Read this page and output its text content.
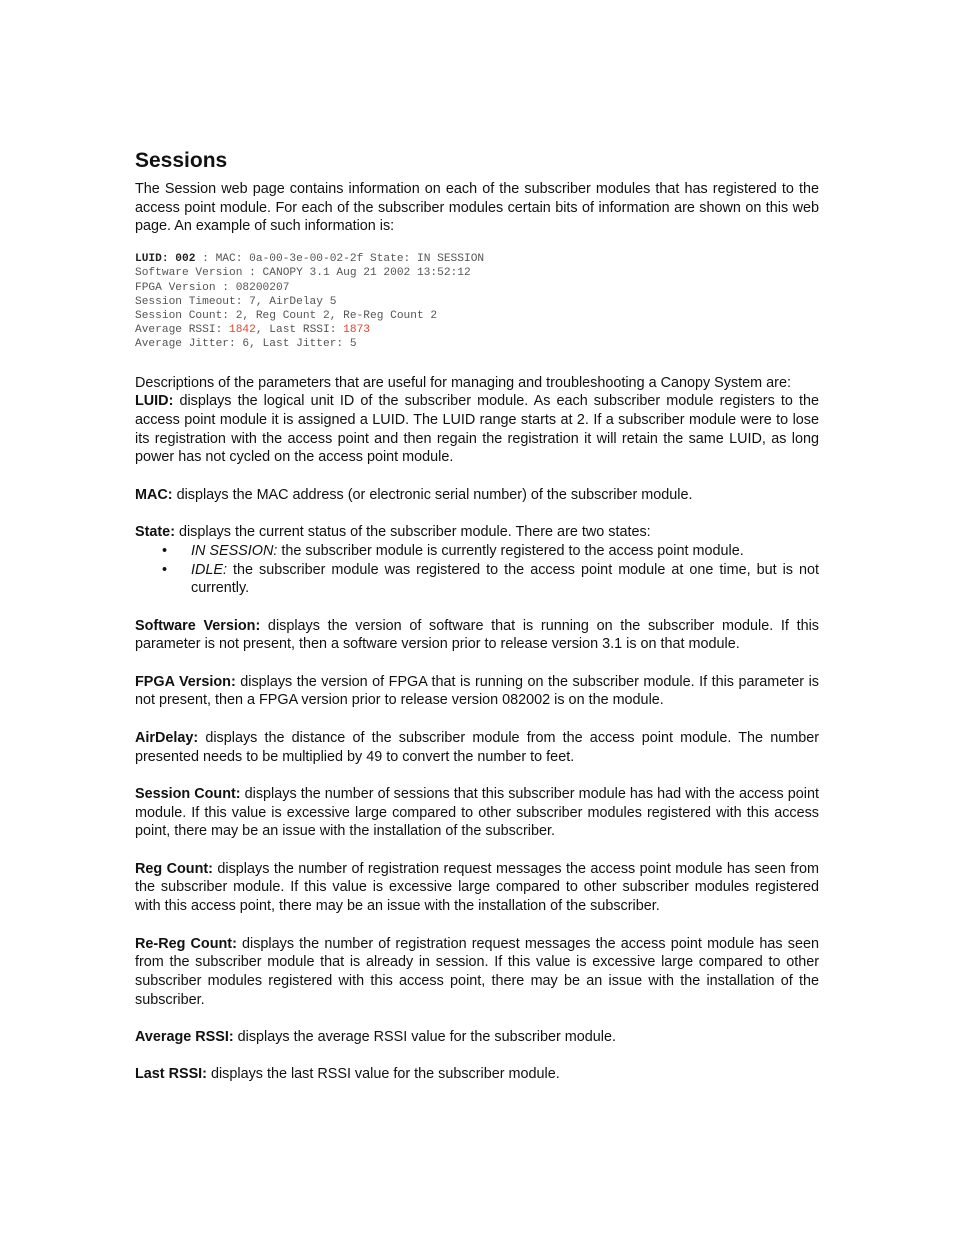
Sessions

The Session web page contains information on each of the subscriber modules that has registered to the access point module. For each of the subscriber modules certain bits of information are shown on this web page. An example of such information is:

LUID: 002 : MAC: 0a-00-3e-00-02-2f State: IN SESSION
Software Version : CANOPY 3.1 Aug 21 2002 13:52:12
FPGA Version : 08200207
Session Timeout: 7, AirDelay 5
Session Count: 2, Reg Count 2, Re-Reg Count 2
Average RSSI: 1842, Last RSSI: 1873
Average Jitter: 6, Last Jitter: 5

Descriptions of the parameters that are useful for managing and troubleshooting a Canopy System are:

LUID: displays the logical unit ID of the subscriber module. As each subscriber module registers to the access point module it is assigned a LUID. The LUID range starts at 2. If a subscriber module were to lose its registration with the access point and then regain the registration it will retain the same LUID, as long power has not cycled on the access point module.

MAC: displays the MAC address (or electronic serial number) of the subscriber module.

State: displays the current status of the subscriber module. There are two states:

• IN SESSION: the subscriber module is currently registered to the access point module.
• IDLE: the subscriber module was registered to the access point module at one time, but is not currently.

Software Version: displays the version of software that is running on the subscriber module. If this parameter is not present, then a software version prior to release version 3.1 is on that module.

FPGA Version: displays the version of FPGA that is running on the subscriber module. If this parameter is not present, then a FPGA version prior to release version 082002 is on the module.

AirDelay: displays the distance of the subscriber module from the access point module. The number presented needs to be multiplied by 49 to convert the number to feet.

Session Count: displays the number of sessions that this subscriber module has had with the access point module. If this value is excessive large compared to other subscriber modules registered with this access point, there may be an issue with the installation of the subscriber.

Reg Count: displays the number of registration request messages the access point module has seen from the subscriber module. If this value is excessive large compared to other subscriber modules registered with this access point, there may be an issue with the installation of the subscriber.

Re-Reg Count: displays the number of registration request messages the access point module has seen from the subscriber module that is already in session. If this value is excessive large compared to other subscriber modules registered with this access point, there may be an issue with the installation of the subscriber.

Average RSSI: displays the average RSSI value for the subscriber module.

Last RSSI: displays the last RSSI value for the subscriber module.
